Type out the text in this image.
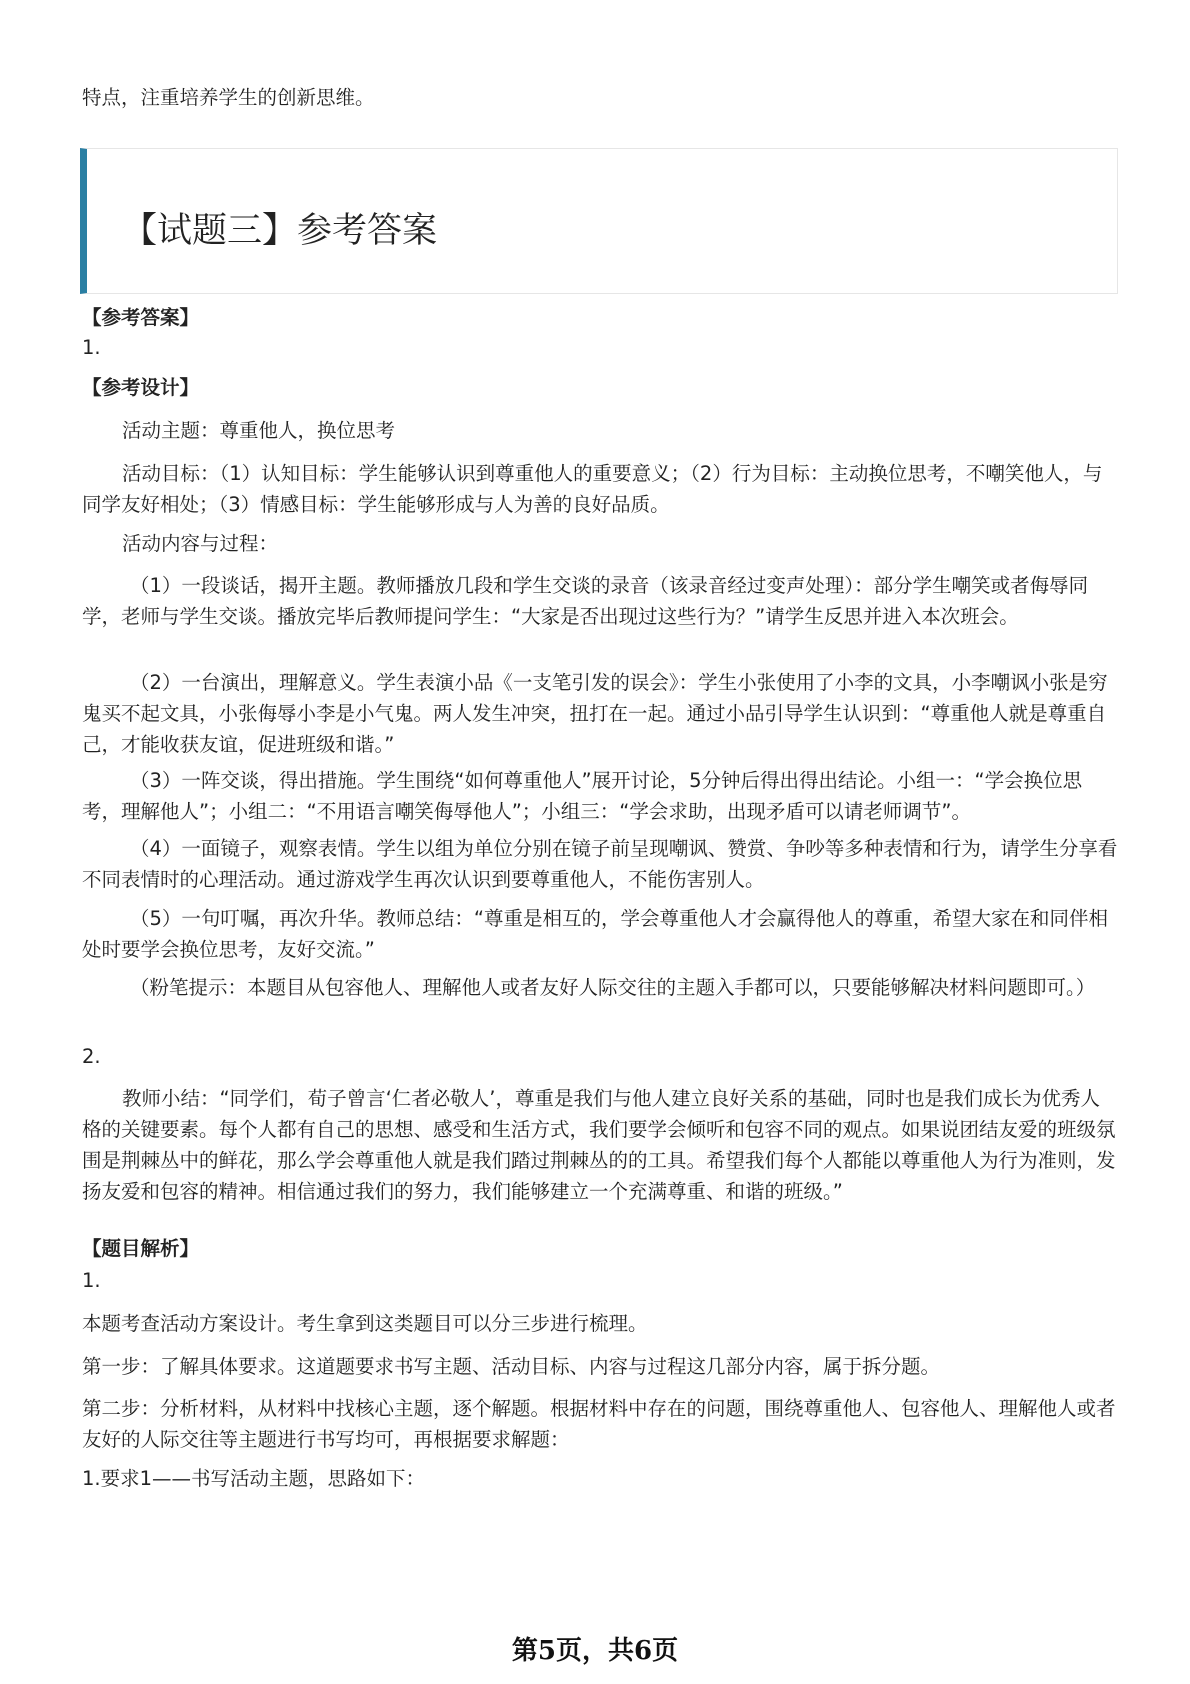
特点，注重培养学生的创新思维。

【试题三】参考答案

【参考答案】

1.

【参考设计】

活动主题：尊重他人，换位思考

活动目标：（1）认知目标：学生能够认识到尊重他人的重要意义；（2）行为目标：主动换位思考，不嘲笑他人，与同学友好相处；（3）情感目标：学生能够形成与人为善的良好品质。

活动内容与过程：

（1）一段谈话，揭开主题。教师播放几段和学生交谈的录音（该录音经过变声处理）：部分学生嘲笑或者侮辱同学，老师与学生交谈。播放完毕后教师提问学生：“大家是否出现过这些行为？”请学生反思并进入本次班会。

（2）一台演出，理解意义。学生表演小品《一支笔引发的误会》：学生小张使用了小李的文具，小李嘲讽小张是穷鬼买不起文具，小张侮辱小李是小气鬼。两人发生冲突，扭打在一起。通过小品引导学生认识到：“尊重他人就是尊重自己，才能收获友谊，促进班级和谐。”

（3）一阵交谈，得出措施。学生围绕“如何尊重他人”展开讨论，5分钟后得出得出结论。小组一：“学会换位思考，理解他人”；小组二：“不用语言嘲笑侮辱他人”；小组三：“学会求助，出现矛盾可以请老师调节”。

（4）一面镜子，观察表情。学生以组为单位分别在镜子前呈现嘲讽、赞赏、争吵等多种表情和行为，请学生分享看不同表情时的心理活动。通过游戏学生再次认识到要尊重他人，不能伤害别人。

（5）一句叮嘱，再次升华。教师总结：“尊重是相互的，学会尊重他人才会赢得他人的尊重，希望大家在和同伴相处时要学会换位思考，友好交流。”

（粉笔提示：本题目从包容他人、理解他人或者友好人际交往的主题入手都可以，只要能够解决材料问题即可。）

2.

教师小结：“同学们，荀子曾言‘仁者必敬人’，尊重是我们与他人建立良好关系的基础，同时也是我们成长为优秀人格的关键要素。每个人都有自己的思想、感受和生活方式，我们要学会倾听和包容不同的观点。如果说团结友爱的班级氛围是荆棘丛中的鲜花，那么学会尊重他人就是我们踏过荆棘丛的的工具。希望我们每个人都能以尊重他人为行为准则，发扬友爱和包容的精神。相信通过我们的努力，我们能够建立一个充满尊重、和谐的班级。”

【题目解析】

1.

本题考查活动方案设计。考生拿到这类题目可以分三步进行梳理。

第一步：了解具体要求。这道题要求书写主题、活动目标、内容与过程这几部分内容，属于拆分题。

第二步：分析材料，从材料中找核心主题，逐个解题。根据材料中存在的问题，围绕尊重他人、包容他人、理解他人或者友好的人际交往等主题进行书写均可，再根据要求解题：

1.要求1——书写活动主题，思路如下：

第5页，共6页
